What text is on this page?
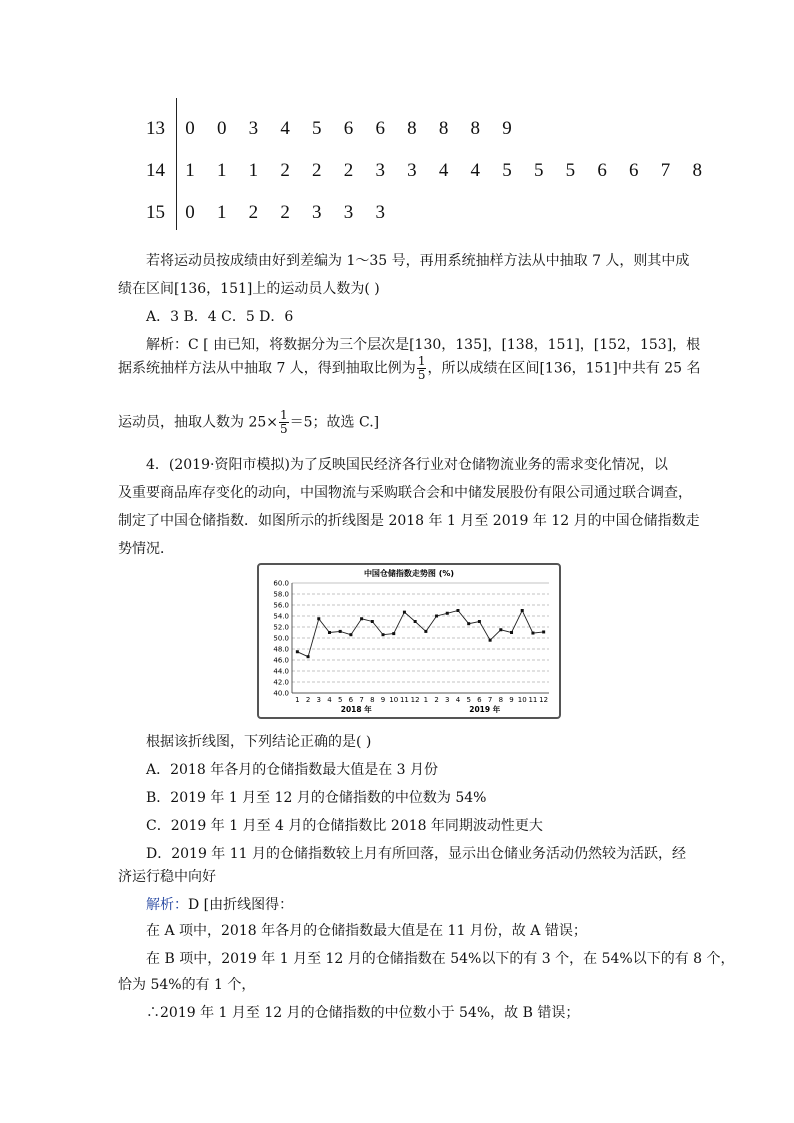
13	0 0 3 4 5 6 6 8 8 8 9
14	1 1 1 2 2 2 3 3 4 4 5 5 5 6 6 7 8
15	0 1 2 2 3 3 3
若将运动员按成绩由好到差编为 1～35 号，再用系统抽样方法从中抽取 7 人，则其中成
绩在区间[136，151]上的运动员人数为( )
A．3 B．4 C．5 D．6
解析：C [ 由已知，将数据分为三个层次是[130，135]，[138，151]，[152，153]，根
据系统抽样方法从中抽取 7 人，得到抽取比例为 $\frac{1}{5}$ ，所以成绩在区间[136，151]中共有 25 名
运动员，抽取人数为 $25\times \frac{1}{5} =5$；故选 C.]
4．(2019·资阳市模拟)为了反映国民经济各行业对仓储物流业务的需求变化情况，以
及重要商品库存变化的动向，中国物流与采购联合会和中储发展股份有限公司通过联合调查，
制定了中国仓储指数．如图所示的折线图是 2018 年 1 月至 2019 年 12 月的中国仓储指数走
势情况．
中国仓储指数走势图 (%)
40.0
42.0
44.0
46.0
48.0
50.0
52.0
54.0
56.0
58.0
60.0
1 2 3 4 5 6 7 8 9 10 11 12 1 2 3 4 5 6 7 8 9 10 11 12
2018 年	2019 年
根据该折线图，下列结论正确的是( )
A．2018 年各月的仓储指数最大值是在 3 月份
B．2019 年 1 月至 12 月的仓储指数的中位数为 54%
C．2019 年 1 月至 4 月的仓储指数比 2018 年同期波动性更大
D．2019 年 11 月的仓储指数较上月有所回落，显示出仓储业务活动仍然较为活跃，经
济运行稳中向好
解析：D [由折线图得：
在 A 项中，2018 年各月的仓储指数最大值是在 11 月份，故 A 错误；
在 B 项中，2019 年 1 月至 12 月的仓储指数在 54%以下的有 3 个，在 54%以下的有 8 个，
恰为 54%的有 1 个，
∴2019 年 1 月至 12 月的仓储指数的中位数小于 54%，故 B 错误；
